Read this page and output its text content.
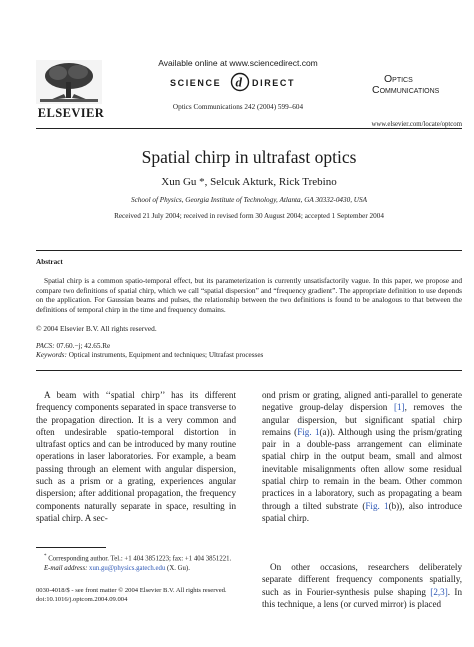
ELSEVIER
Available online at www.sciencedirect.com
SCIENCE d DIRECT
Optics Communications 242 (2004) 599–604
Optics
Communications
www.elsevier.com/locate/optcom
Spatial chirp in ultrafast optics
Xun Gu *, Selcuk Akturk, Rick Trebino
School of Physics, Georgia Institute of Technology, Atlanta, GA 30332-0430, USA
Received 21 July 2004; received in revised form 30 August 2004; accepted 1 September 2004
Abstract
Spatial chirp is a common spatio-temporal effect, but its parameterization is currently unsatisfactorily vague. In this paper, we propose and compare two definitions of spatial chirp, which we call “spatial dispersion” and “frequency gradient”. The appropriate definition to use depends on the application. For Gaussian beams and pulses, the relationship between the two definitions is found to be analogous to that between the definitions of temporal chirp in the time and frequency domains.
© 2004 Elsevier B.V. All rights reserved.
PACS: 07.60.−j; 42.65.Re
Keywords: Optical instruments, Equipment and techniques; Ultrafast processes
A beam with ‘‘spatial chirp’’ has its different frequency components separated in space transverse to the propagation direction. It is a very common and often undesirable spatio-temporal distortion in ultrafast optics and can be introduced by many routine operations in laser laboratories. For example, a beam passing through an element with angular dispersion, such as a prism or a grating, experiences angular dispersion; after additional propagation, the frequency components naturally separate in space, resulting in spatial chirp. A sec-
* Corresponding author. Tel.: +1 404 3851223; fax: +1 404 3851221.
E-mail address: xun.gu@physics.gatech.edu (X. Gu).
0030-4018/$ - see front matter © 2004 Elsevier B.V. All rights reserved.
doi:10.1016/j.optcom.2004.09.004
ond prism or grating, aligned anti-parallel to generate negative group-delay dispersion [1], removes the angular dispersion, but significant spatial chirp remains (Fig. 1(a)). Although using the prism/grating pair in a double-pass arrangement can eliminate spatial chirp in the output beam, small and almost inevitable misalignments often allow some residual spatial chirp to remain in the beam. Other common practices in a laboratory, such as propagating a beam through a tilted substrate (Fig. 1(b)), also introduce spatial chirp.
On other occasions, researchers deliberately separate different frequency components spatially, such as in Fourier-synthesis pulse shaping [2,3]. In this technique, a lens (or curved mirror) is placed
